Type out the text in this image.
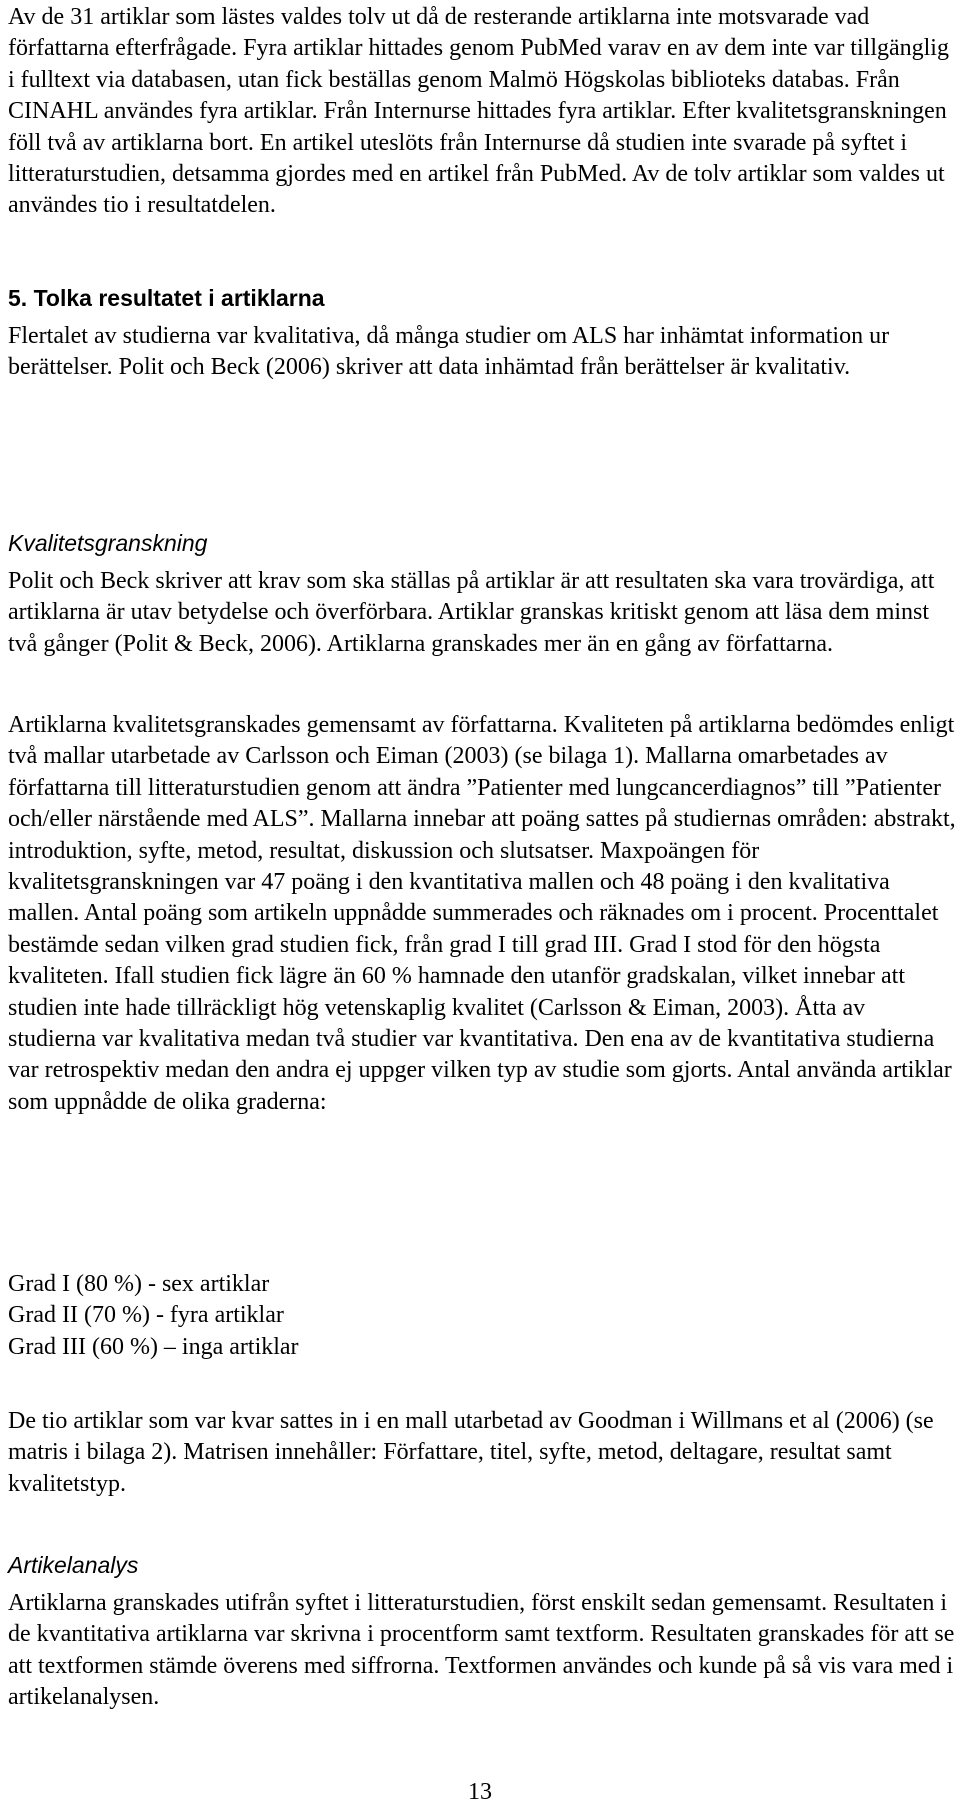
Av de 31 artiklar som lästes valdes tolv ut då de resterande artiklarna inte motsvarade vad författarna efterfrågade. Fyra artiklar hittades genom PubMed varav en av dem inte var tillgänglig i fulltext via databasen, utan fick beställas genom Malmö Högskolas biblioteks databas. Från CINAHL användes fyra artiklar. Från Internurse hittades fyra artiklar. Efter kvalitetsgranskningen föll två av artiklarna bort. En artikel uteslöts från Internurse då studien inte svarade på syftet i litteraturstudien, detsamma gjordes med en artikel från PubMed. Av de tolv artiklar som valdes ut användes tio i resultatdelen.

5. Tolka resultatet i artiklarna

Flertalet av studierna var kvalitativa, då många studier om ALS har inhämtat information ur berättelser. Polit och Beck (2006) skriver att data inhämtad från berättelser är kvalitativ.

Kvalitetsgranskning

Polit och Beck skriver att krav som ska ställas på artiklar är att resultaten ska vara trovärdiga, att artiklarna är utav betydelse och överförbara. Artiklar granskas kritiskt genom att läsa dem minst två gånger (Polit & Beck, 2006). Artiklarna granskades mer än en gång av författarna.

Artiklarna kvalitetsgranskades gemensamt av författarna. Kvaliteten på artiklarna bedömdes enligt två mallar utarbetade av Carlsson och Eiman (2003) (se bilaga 1). Mallarna omarbetades av författarna till litteraturstudien genom att ändra ”Patienter med lungcancerdiagnos” till ”Patienter och/eller närstående med ALS”. Mallarna innebar att poäng sattes på studiernas områden: abstrakt, introduktion, syfte, metod, resultat, diskussion och slutsatser. Maxpoängen för kvalitetsgranskningen var 47 poäng i den kvantitativa mallen och 48 poäng i den kvalitativa mallen. Antal poäng som artikeln uppnådde summerades och räknades om i procent. Procenttalet bestämde sedan vilken grad studien fick, från grad I till grad III. Grad I stod för den högsta kvaliteten. Ifall studien fick lägre än 60 % hamnade den utanför gradskalan, vilket innebar att studien inte hade tillräckligt hög vetenskaplig kvalitet (Carlsson & Eiman, 2003). Åtta av studierna var kvalitativa medan två studier var kvantitativa. Den ena av de kvantitativa studierna var retrospektiv medan den andra ej uppger vilken typ av studie som gjorts. Antal använda artiklar som uppnådde de olika graderna:

Grad I (80 %) - sex artiklar

Grad II (70 %) - fyra artiklar

Grad III (60 %) – inga artiklar

De tio artiklar som var kvar sattes in i en mall utarbetad av Goodman i Willmans et al (2006) (se matris i bilaga 2). Matrisen innehåller: Författare, titel, syfte, metod, deltagare, resultat samt kvalitetstyp.

Artikelanalys

Artiklarna granskades utifrån syftet i litteraturstudien, först enskilt sedan gemensamt. Resultaten i de kvantitativa artiklarna var skrivna i procentform samt textform. Resultaten granskades för att se att textformen stämde överens med siffrorna. Textformen användes och kunde på så vis vara med i artikelanalysen.

13
